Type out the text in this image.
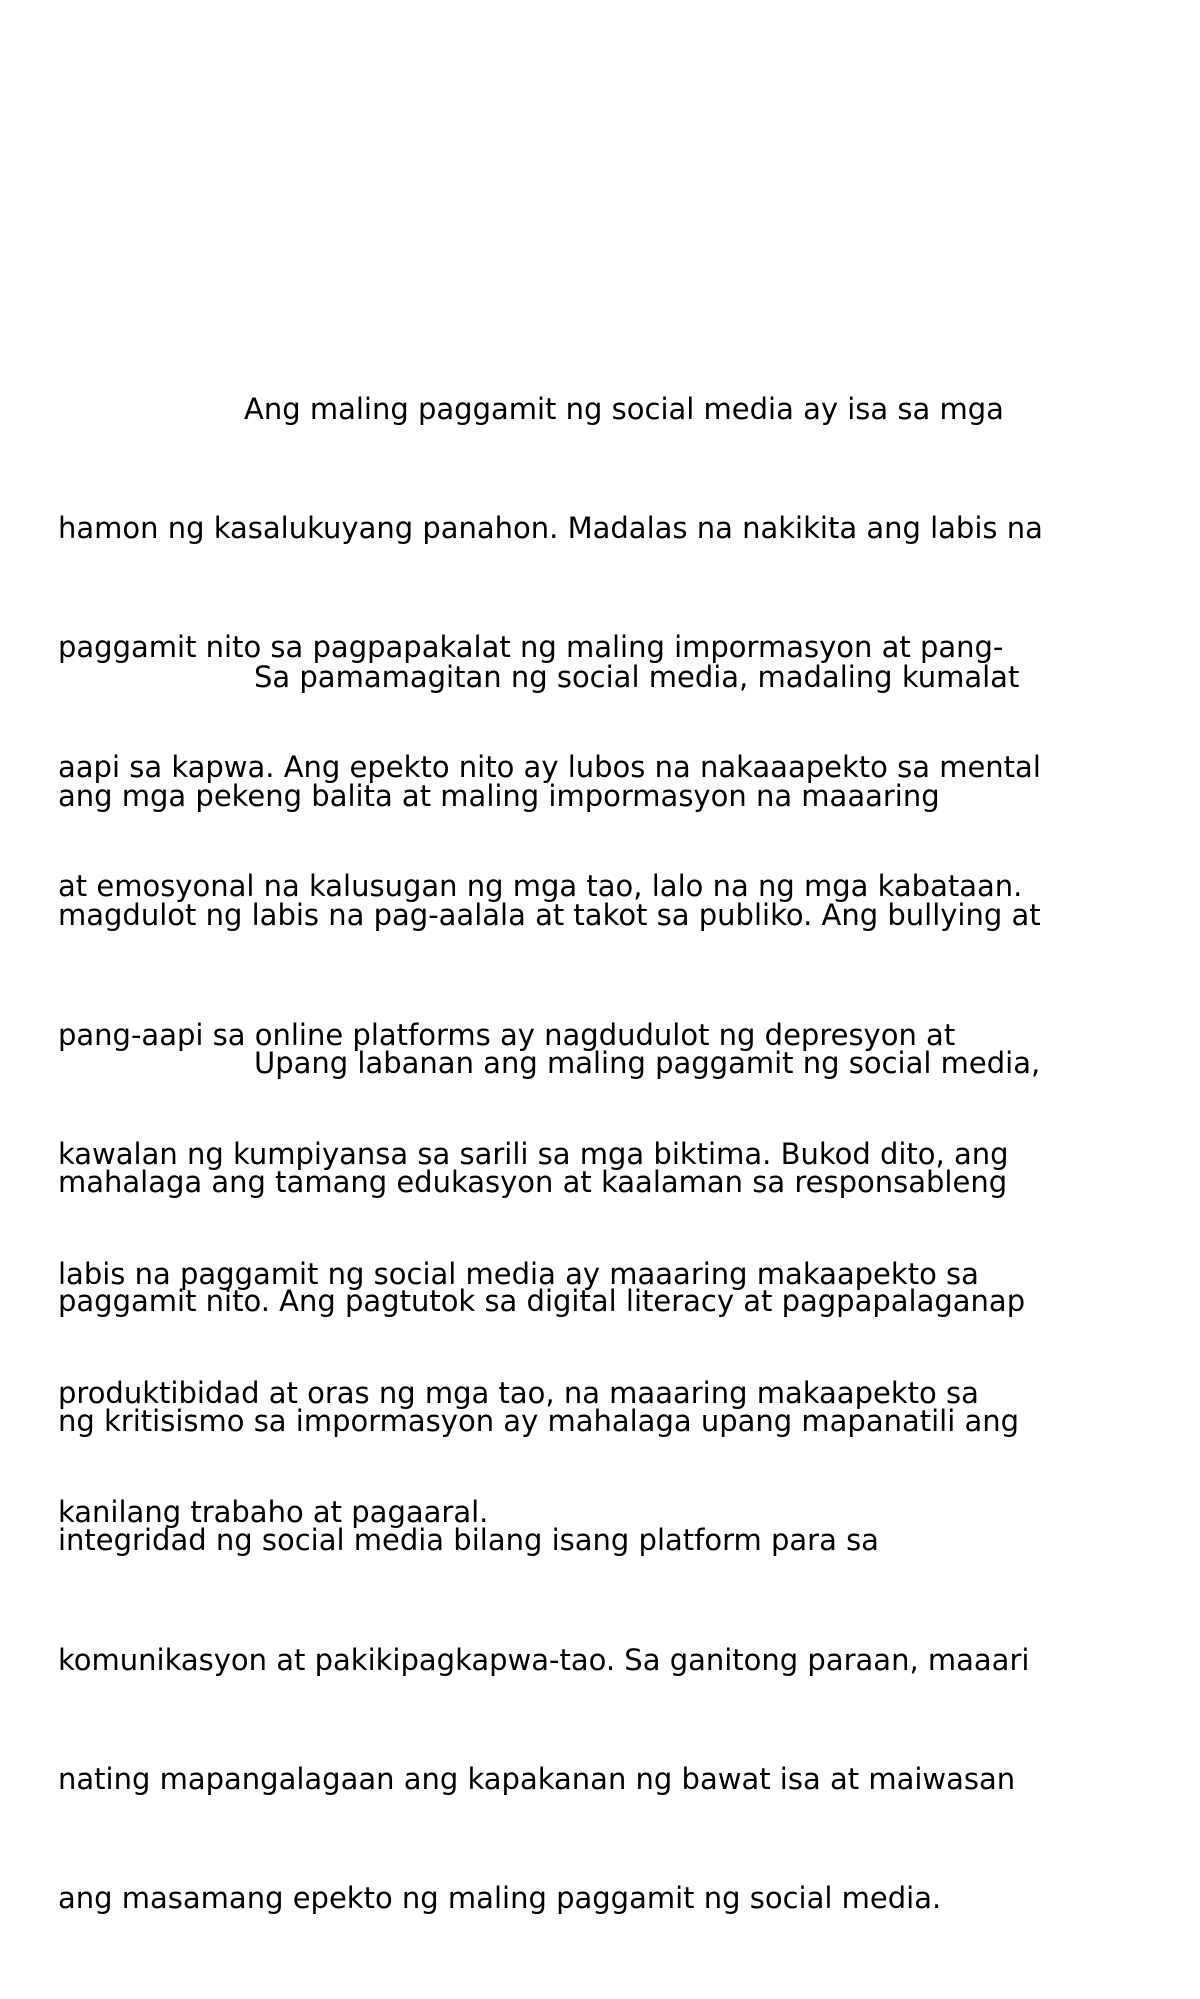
Ang maling paggamit ng social media ay isa sa mga

hamon ng kasalukuyang panahon. Madalas na nakikita ang labis na

paggamit nito sa pagpapakalat ng maling impormasyon at pang-

aapi sa kapwa. Ang epekto nito ay lubos na nakaaapekto sa mental

at emosyonal na kalusugan ng mga tao, lalo na ng mga kabataan.

Sa pamamagitan ng social media, madaling kumalat

ang mga pekeng balita at maling impormasyon na maaaring

magdulot ng labis na pag-aalala at takot sa publiko. Ang bullying at

pang-aapi sa online platforms ay nagdudulot ng depresyon at

kawalan ng kumpiyansa sa sarili sa mga biktima. Bukod dito, ang

labis na paggamit ng social media ay maaaring makaapekto sa

produktibidad at oras ng mga tao, na maaaring makaapekto sa

kanilang trabaho at pagaaral.

Upang labanan ang maling paggamit ng social media,

mahalaga ang tamang edukasyon at kaalaman sa responsableng

paggamit nito. Ang pagtutok sa digital literacy at pagpapalaganap

ng kritisismo sa impormasyon ay mahalaga upang mapanatili ang

integridad ng social media bilang isang platform para sa

komunikasyon at pakikipagkapwa-tao. Sa ganitong paraan, maaari

nating mapangalagaan ang kapakanan ng bawat isa at maiwasan

ang masamang epekto ng maling paggamit ng social media.
